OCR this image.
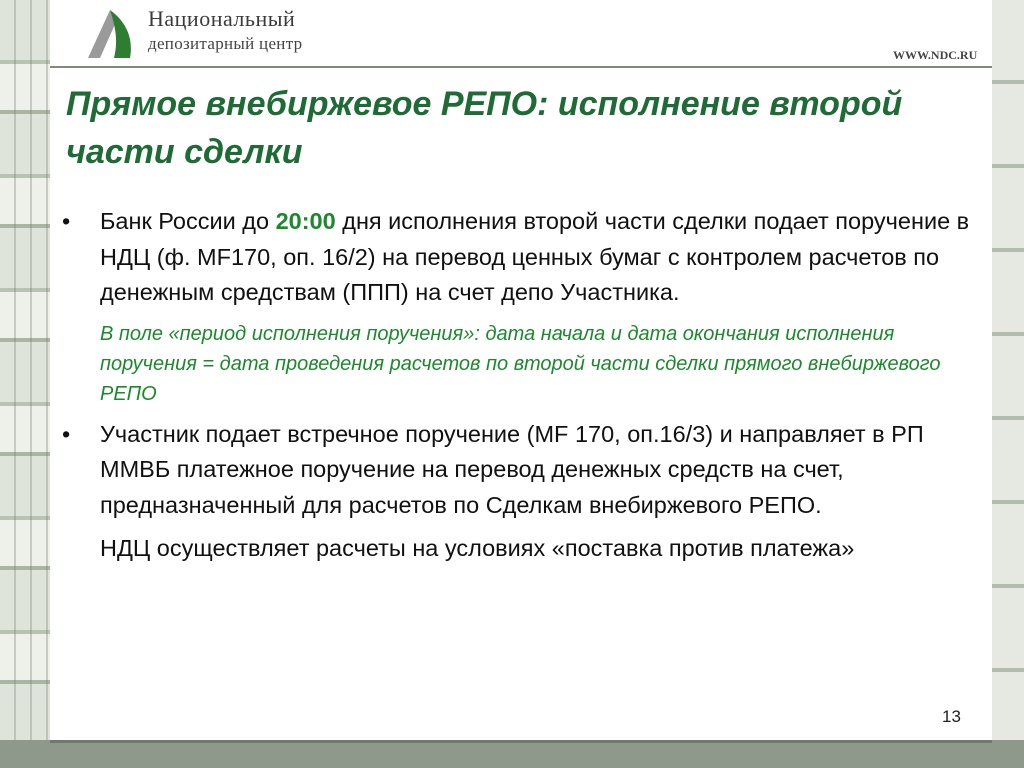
Национальный
депозитарный центр
WWW.NDC.RU
Прямое внебиржевое РЕПО: исполнение второй части сделки

• Банк России до 20:00 дня исполнения второй части сделки подает поручение в НДЦ (ф. MF170, оп. 16/2) на перевод ценных бумаг с контролем расчетов по денежным средствам (ППП) на счет депо Участника.

В поле «период исполнения поручения»: дата начала и дата окончания исполнения поручения = дата проведения расчетов по второй части сделки прямого внебиржевого РЕПО

• Участник подает встречное поручение (MF 170, оп.16/3) и направляет в РП ММВБ платежное поручение на перевод денежных средств на счет, предназначенный для расчетов по Сделкам внебиржевого РЕПО.

НДЦ осуществляет расчеты на условиях «поставка против платежа»

13
